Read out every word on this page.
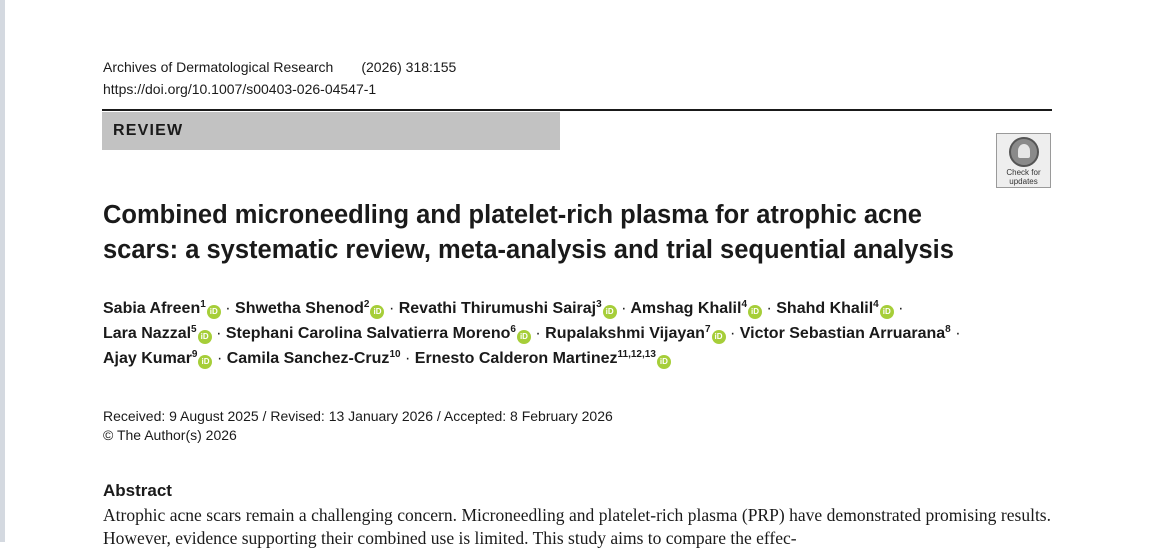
Archives of Dermatological Research (2026) 318:155
https://doi.org/10.1007/s00403-026-04547-1
REVIEW
Check for
updates
Combined microneedling and platelet-rich plasma for atrophic acne scars: a systematic review, meta-analysis and trial sequential analysis
Sabia Afreen$^1$iD · Shwetha Shenod$^2$iD · Revathi Thirumushi Sairaj$^3$iD · Amshag Khalil$^4$iD · Shahd Khalil$^4$iD ·
Lara Nazzal$^5$iD · Stephani Carolina Salvatierra Moreno$^6$iD · Rupalakshmi Vijayan$^7$iD · Victor Sebastian Arruarana$^8$ ·
Ajay Kumar$^9$iD · Camila Sanchez-Cruz$^{10}$ · Ernesto Calderon Martinez$^{11,12,13}$iD
Received: 9 August 2025 / Revised: 13 January 2026 / Accepted: 8 February 2026
© The Author(s) 2026
Abstract

Atrophic acne scars remain a challenging concern. Microneedling and platelet-rich plasma (PRP) have demonstrated promising results. However, evidence supporting their combined use is limited. This study aims to compare the effec-
